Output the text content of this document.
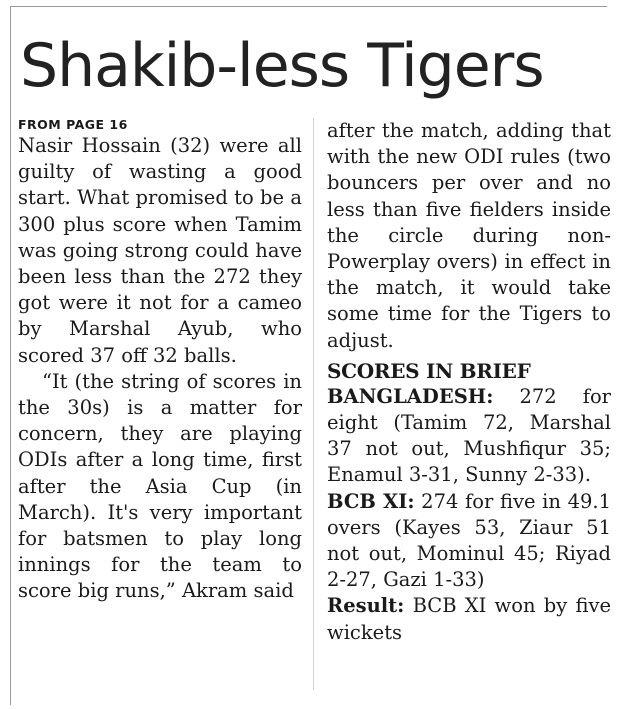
Shakib-less Tigers
FROM PAGE 16

Nasir Hossain (32) were all guilty of wasting a good start. What promised to be a 300 plus score when Tamim was going strong could have been less than the 272 they got were it not for a cameo by Marshal Ayub, who scored 37 off 32 balls.

“It (the string of scores in the 30s) is a matter for concern, they are playing ODIs after a long time, first after the Asia Cup (in March). It's very important for batsmen to play long innings for the team to score big runs,” Akram said

after the match, adding that with the new ODI rules (two bouncers per over and no less than five fielders inside the circle during non-Powerplay overs) in effect in the match, it would take some time for the Tigers to adjust.

SCORES IN BRIEF

BANGLADESH: 272 for eight (Tamim 72, Marshal 37 not out, Mushfiqur 35; Enamul 3-31, Sunny 2-33).

BCB XI: 274 for five in 49.1 overs (Kayes 53, Ziaur 51 not out, Mominul 45; Riyad 2-27, Gazi 1-33)

Result: BCB XI won by five wickets
